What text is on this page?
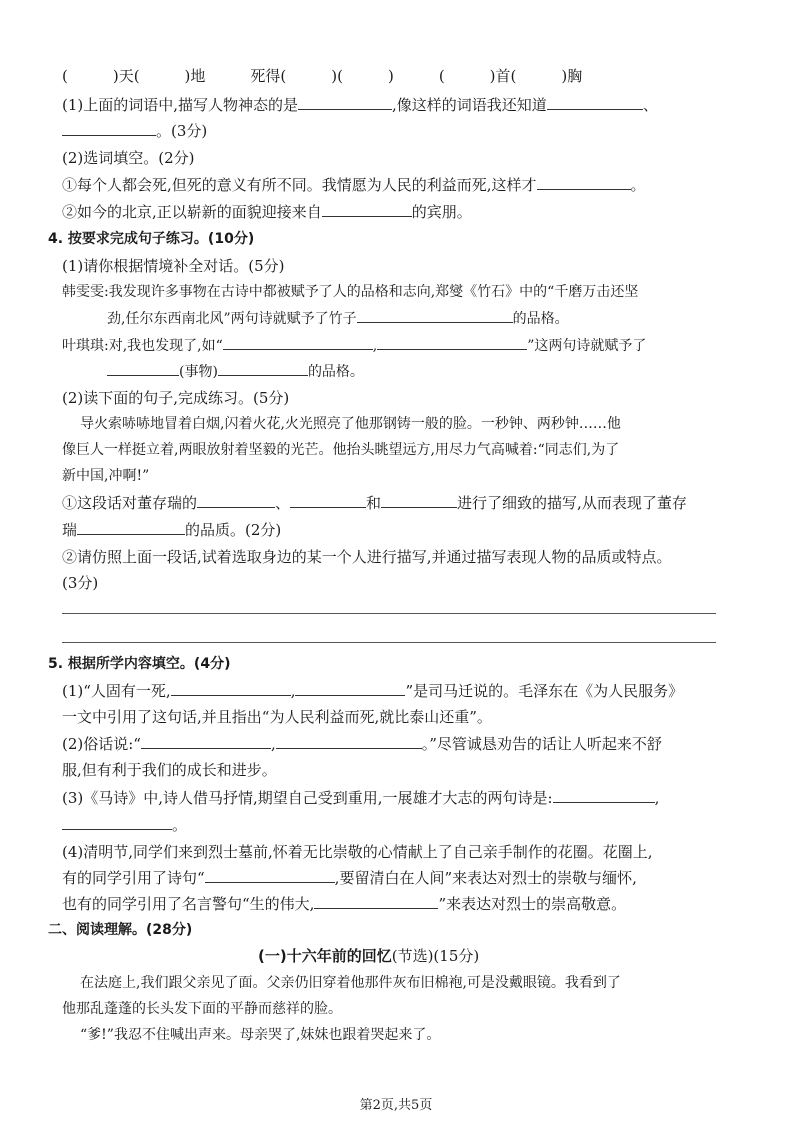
(　　　)天(　　　)地　　　死得(　　　)(　　　)　　　(　　　)首(　　　)胸
(1)上面的词语中,描写人物神态的是	,像这样的词语我还知道	、
。(3分)
(2)选词填空。(2分)
①每个人都会死,但死的意义有所不同。我情愿为人民的利益而死,这样才	。
②如今的北京,正以崭新的面貌迎接来自	的宾朋。
4. 按要求完成句子练习。(10分)
(1)请你根据情境补全对话。(5分)
韩雯雯:我发现许多事物在古诗中都被赋予了人的品格和志向,郑燮《竹石》中的“千磨万击还坚
劲,任尔东西南北风”两句诗就赋予了竹子	的品格。
叶琪琪:对,我也发现了,如“	,	”这两句诗就赋予了
(事物)	的品格。
(2)读下面的句子,完成练习。(5分)
导火索哧哧地冒着白烟,闪着火花,火光照亮了他那钢铸一般的脸。一秒钟、两秒钟……他
像巨人一样挺立着,两眼放射着坚毅的光芒。他抬头眺望远方,用尽力气高喊着:“同志们,为了
新中国,冲啊!”
①这段话对董存瑞的	、	和	进行了细致的描写,从而表现了董存
瑞	的品质。(2分)
②请仿照上面一段话,试着选取身边的某一个人进行描写,并通过描写表现人物的品质或特点。
(3分)
5. 根据所学内容填空。(4分)
(1)“人固有一死,	,	”是司马迁说的。毛泽东在《为人民服务》
一文中引用了这句话,并且指出“为人民利益而死,就比泰山还重”。
(2)俗话说:“	,	。”尽管诚恳劝告的话让人听起来不舒
服,但有利于我们的成长和进步。
(3)《马诗》中,诗人借马抒情,期望自己受到重用,一展雄才大志的两句诗是:	,
。
(4)清明节,同学们来到烈士墓前,怀着无比崇敬的心情献上了自己亲手制作的花圈。花圈上,
有的同学引用了诗句“	,要留清白在人间”来表达对烈士的崇敬与缅怀,
也有的同学引用了名言警句“生的伟大,	”来表达对烈士的崇高敬意。
二、阅读理解。(28分)
(一)十六年前的回忆(节选)(15分)
在法庭上,我们跟父亲见了面。父亲仍旧穿着他那件灰布旧棉袍,可是没戴眼镜。我看到了
他那乱蓬蓬的长头发下面的平静而慈祥的脸。
“爹!”我忍不住喊出声来。母亲哭了,妹妹也跟着哭起来了。
第2页,共5页
